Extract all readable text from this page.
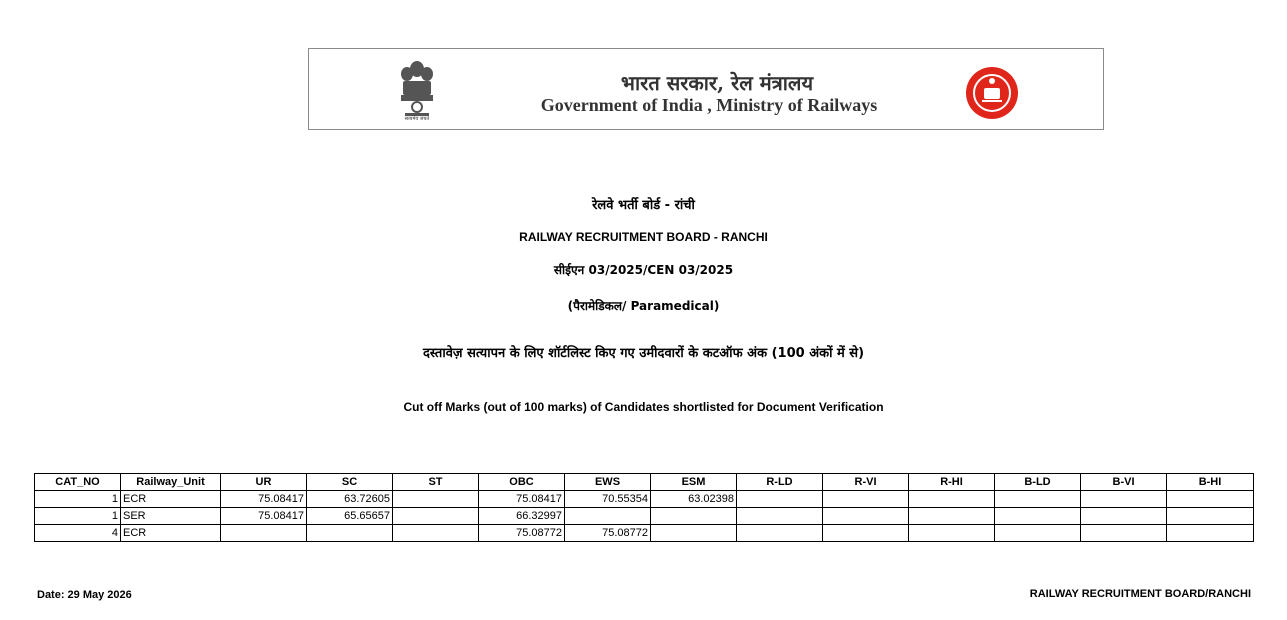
सत्यमेव जयते
भारत सरकार, रेल मंत्रालय
Government of India , Ministry of Railways
रेलवे भर्ती बोर्ड - रांची
RAILWAY RECRUITMENT BOARD - RANCHI
सीईएन 03/2025/CEN 03/2025
(पैरामेडिकल/ Paramedical)
दस्तावेज़ सत्यापन के लिए शॉर्टलिस्ट किए गए उमीदवारों के कटऑफ अंक (100 अंकों में से)
Cut off Marks (out of 100 marks) of Candidates shortlisted for Document Verification
CAT_NO	Railway_Unit	UR	SC	ST	OBC	EWS	ESM	R-LD	R-VI	R-HI	B-LD	B-VI	B-HI
1	ECR	75.08417	63.72605		75.08417	70.55354	63.02398						
1	SER	75.08417	65.65657		66.32997								
4	ECR				75.08772	75.08772							
Date: 29 May 2026	RAILWAY RECRUITMENT BOARD/RANCHI
